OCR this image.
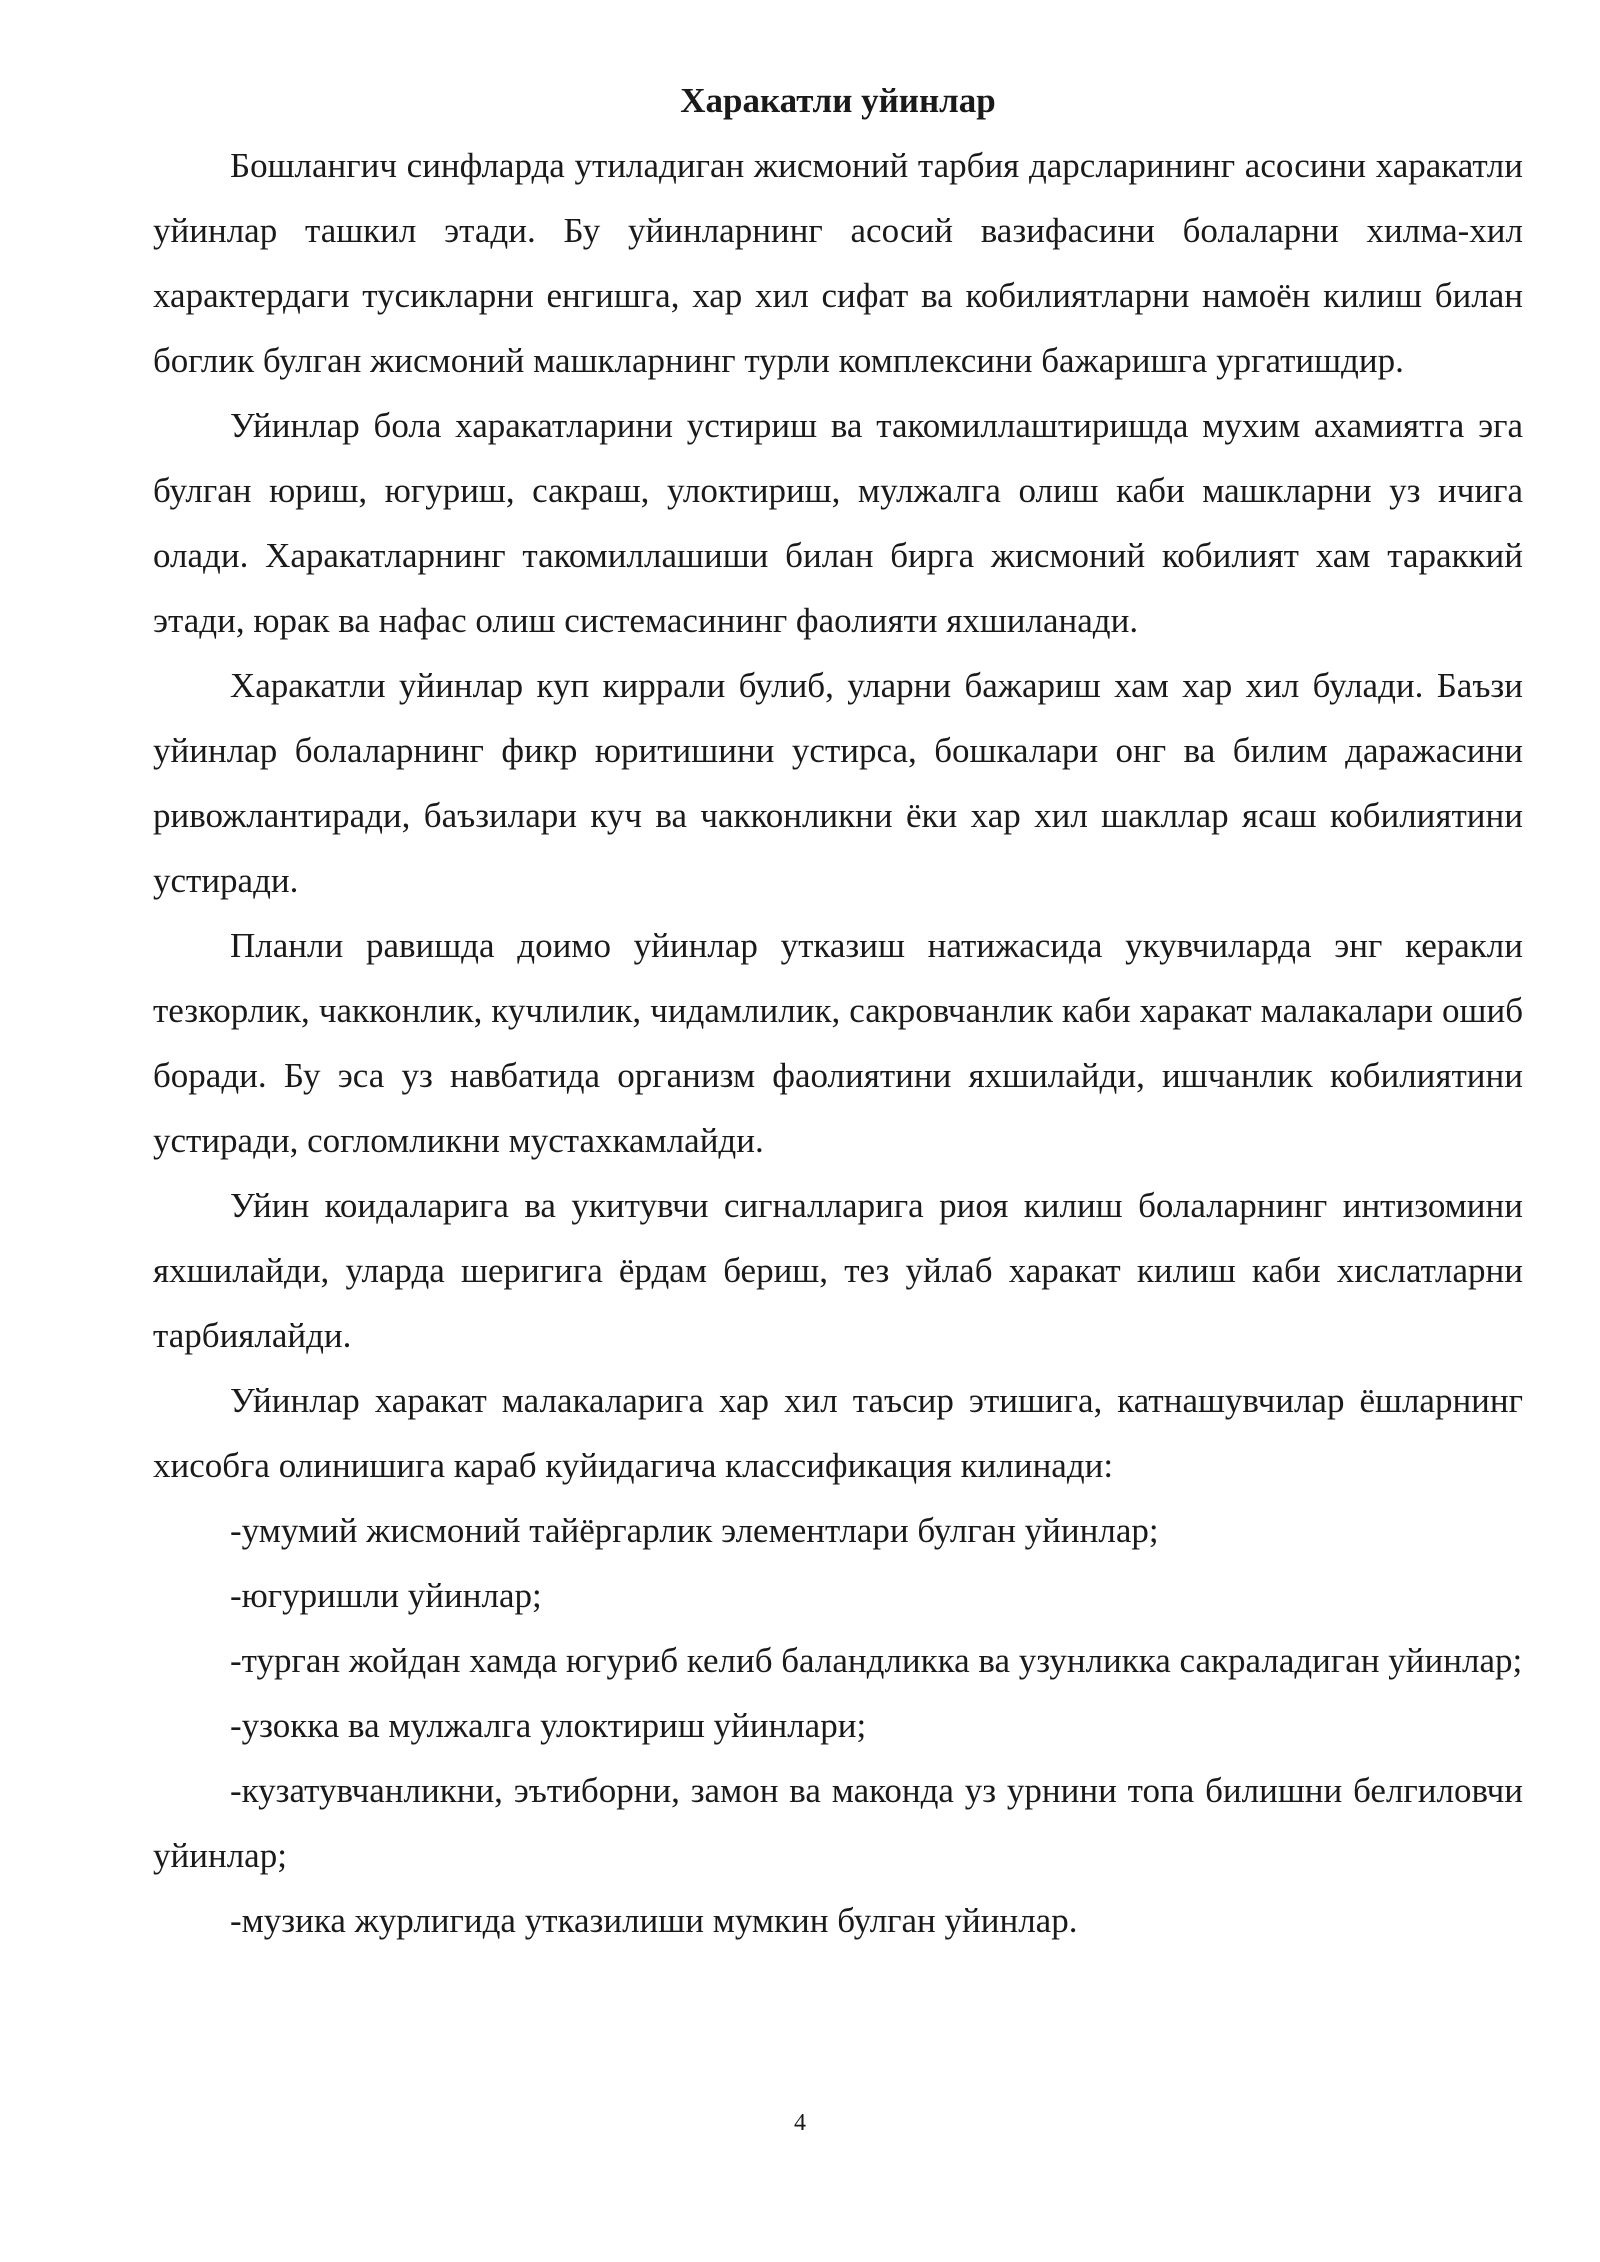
Харакатли уйинлар

Бошлангич синфларда утиладиган жисмоний тарбия дарсларининг асосини харакатли уйинлар ташкил этади. Бу уйинларнинг асосий вазифасини болаларни хилма-хил характердаги тусикларни енгишга, хар хил сифат ва кобилиятларни намоён килиш билан боглик булган жисмоний машкларнинг турли комплексини бажаришга ургатишдир.

Уйинлар бола харакатларини устириш ва такомиллаштиришда мухим ахамиятга эга булган юриш, югуриш, сакраш, улоктириш, мулжалга олиш каби машкларни уз ичига олади. Харакатларнинг такомиллашиши билан бирга жисмоний кобилият хам тараккий этади, юрак ва нафас олиш системасининг фаолияти яхшиланади.

Харакатли уйинлар куп киррали булиб, уларни бажариш хам хар хил булади. Баъзи уйинлар болаларнинг фикр юритишини устирса, бошкалари онг ва билим даражасини ривожлантиради, баъзилари куч ва чакконликни ёки хар хил шакллар ясаш кобилиятини устиради.

Планли равишда доимо уйинлар утказиш натижасида укувчиларда энг керакли тезкорлик, чакконлик, кучлилик, чидамлилик, сакровчанлик каби харакат малакалари ошиб боради. Бу эса уз навбатида организм фаолиятини яхшилайди, ишчанлик кобилиятини устиради, согломликни мустахкамлайди.

Уйин коидаларига ва укитувчи сигналларига риоя килиш болаларнинг интизомини яхшилайди, уларда шеригига ёрдам бериш, тез уйлаб харакат килиш каби хислатларни тарбиялайди.

Уйинлар харакат малакаларига хар хил таъсир этишига, катнашувчилар ёшларнинг хисобга олинишига караб куйидагича классификация килинади:

-умумий жисмоний тайёргарлик элементлари булган уйинлар;

-югуришли уйинлар;

-турган жойдан хамда югуриб келиб баландликка ва узунликка сакраладиган уйинлар;

-узокка ва мулжалга улоктириш уйинлари;

-кузатувчанликни, эътиборни, замон ва маконда уз урнини топа билишни белгиловчи уйинлар;

-музика журлигида утказилиши мумкин булган уйинлар.

4
